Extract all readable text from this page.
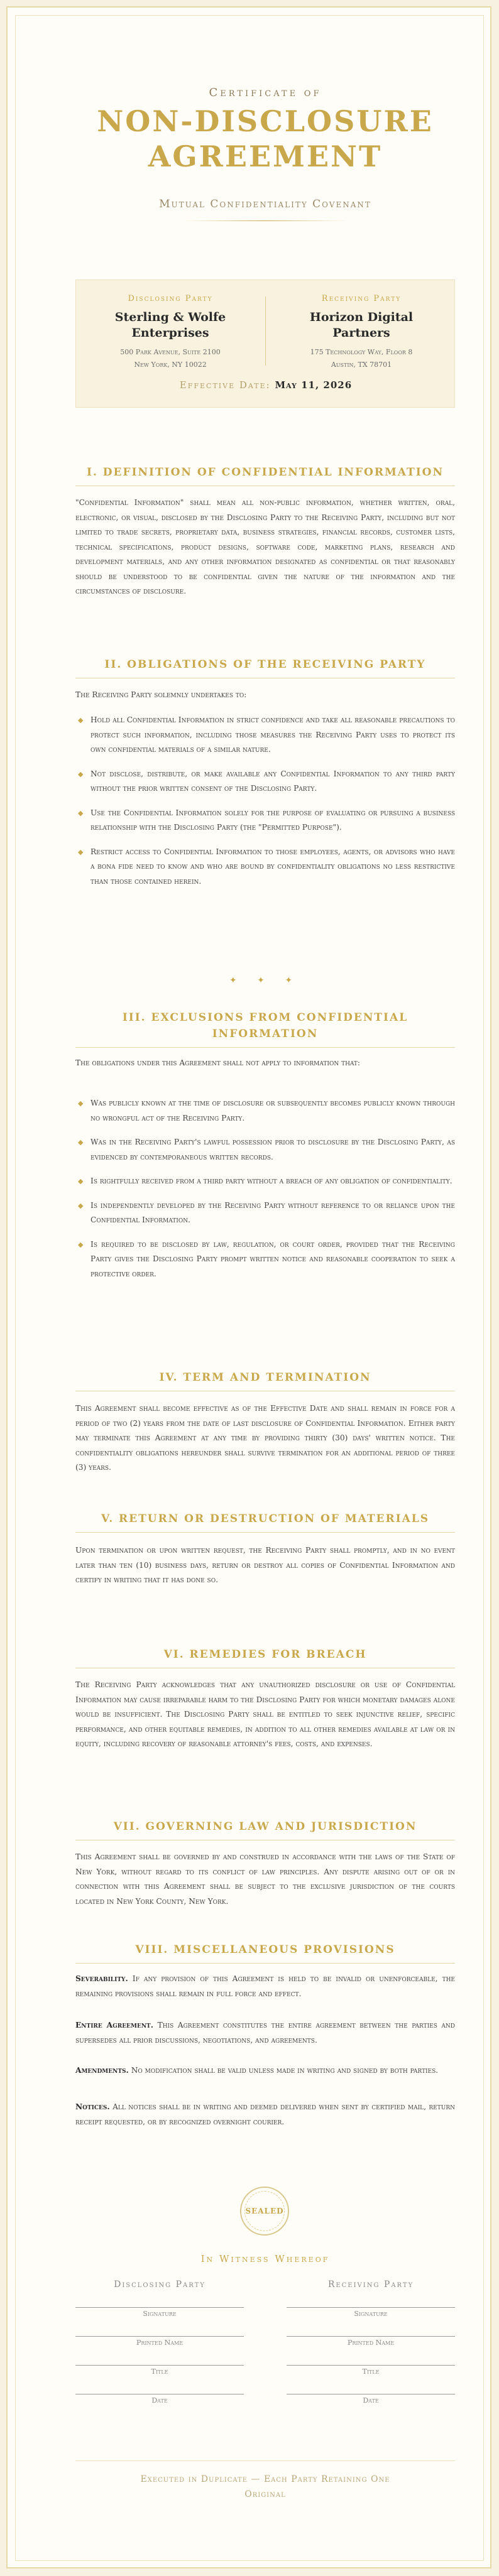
Certificate of
NON-DISCLOSURE
AGREEMENT
Mutual Confidentiality Covenant
Disclosing Party
Sterling & Wolfe
Enterprises
500 Park Avenue, Suite 2100
New York, NY 10022
Receiving Party
Horizon Digital
Partners
175 Technology Way, Floor 8
Austin, TX 78701
Effective Date: May 11, 2026
I. DEFINITION OF CONFIDENTIAL INFORMATION
"Confidential Information" shall mean all non-public information, whether written, oral, electronic, or visual, disclosed by the Disclosing Party to the Receiving Party, including but not limited to trade secrets, proprietary data, business strategies, financial records, customer lists, technical specifications, product designs, software code, marketing plans, research and development materials, and any other information designated as confidential or that reasonably should be understood to be confidential given the nature of the information and the circumstances of disclosure.
II. OBLIGATIONS OF THE RECEIVING PARTY
The Receiving Party solemnly undertakes to:
◆ Hold all Confidential Information in strict confidence and take all reasonable precautions to protect such information, including those measures the Receiving Party uses to protect its own confidential materials of a similar nature.
◆ Not disclose, distribute, or make available any Confidential Information to any third party without the prior written consent of the Disclosing Party.
◆ Use the Confidential Information solely for the purpose of evaluating or pursuing a business relationship with the Disclosing Party (the "Permitted Purpose").
◆ Restrict access to Confidential Information to those employees, agents, or advisors who have a bona fide need to know and who are bound by confidentiality obligations no less restrictive than those contained herein.
✦ ✦ ✦
III. EXCLUSIONS FROM CONFIDENTIAL
INFORMATION
The obligations under this Agreement shall not apply to information that:
◆ Was publicly known at the time of disclosure or subsequently becomes publicly known through no wrongful act of the Receiving Party.
◆ Was in the Receiving Party's lawful possession prior to disclosure by the Disclosing Party, as evidenced by contemporaneous written records.
◆ Is rightfully received from a third party without a breach of any obligation of confidentiality.
◆ Is independently developed by the Receiving Party without reference to or reliance upon the Confidential Information.
◆ Is required to be disclosed by law, regulation, or court order, provided that the Receiving Party gives the Disclosing Party prompt written notice and reasonable cooperation to seek a protective order.
IV. TERM AND TERMINATION
This Agreement shall become effective as of the Effective Date and shall remain in force for a period of two (2) years from the date of last disclosure of Confidential Information. Either party may terminate this Agreement at any time by providing thirty (30) days' written notice. The confidentiality obligations hereunder shall survive termination for an additional period of three (3) years.
V. RETURN OR DESTRUCTION OF MATERIALS
Upon termination or upon written request, the Receiving Party shall promptly, and in no event later than ten (10) business days, return or destroy all copies of Confidential Information and certify in writing that it has done so.
VI. REMEDIES FOR BREACH
The Receiving Party acknowledges that any unauthorized disclosure or use of Confidential Information may cause irreparable harm to the Disclosing Party for which monetary damages alone would be insufficient. The Disclosing Party shall be entitled to seek injunctive relief, specific performance, and other equitable remedies, in addition to all other remedies available at law or in equity, including recovery of reasonable attorney's fees, costs, and expenses.
VII. GOVERNING LAW AND JURISDICTION
This Agreement shall be governed by and construed in accordance with the laws of the State of New York, without regard to its conflict of law principles. Any dispute arising out of or in connection with this Agreement shall be subject to the exclusive jurisdiction of the courts located in New York County, New York.
VIII. MISCELLANEOUS PROVISIONS
Severability. If any provision of this Agreement is held to be invalid or unenforceable, the remaining provisions shall remain in full force and effect.
Entire Agreement. This Agreement constitutes the entire agreement between the parties and supersedes all prior discussions, negotiations, and agreements.
Amendments. No modification shall be valid unless made in writing and signed by both parties.
SEALED
In Witness Whereof
Disclosing Party
Signature
Printed Name
Title
Date
Receiving Party
Signature
Printed Name
Title
Date
Notices. All notices shall be in writing and deemed delivered when sent by certified mail, return receipt requested, or by recognized overnight courier.
Executed in Duplicate — Each Party Retaining One
Original
